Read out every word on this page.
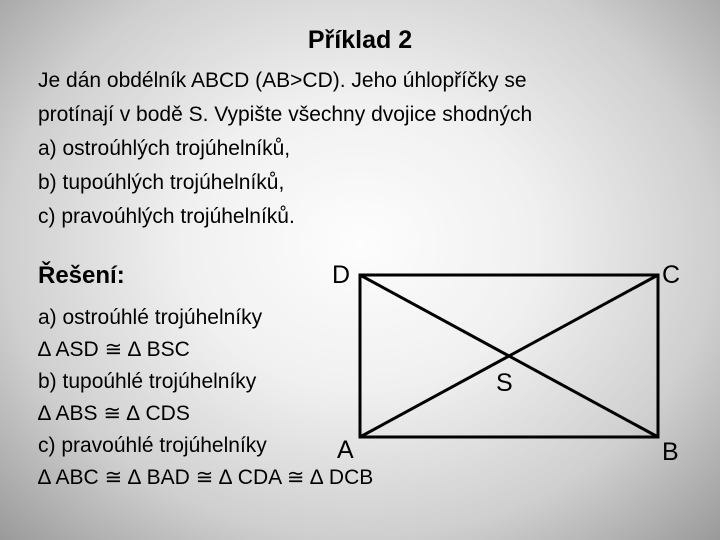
Příklad 2
Je dán obdélník ABCD (AB>CD). Jeho úhlopříčky se
protínají v bodě S. Vypište všechny dvojice shodných
a) ostroúhlých trojúhelníků,
b) tupoúhlých trojúhelníků,
c) pravoúhlých trojúhelníků.
Řešení:
a) ostroúhlé trojúhelníky
∆ ASD ≅ ∆ BSC
b) tupoúhlé trojúhelníky
∆ ABS ≅ ∆ CDS
c) pravoúhlé trojúhelníky
∆ ABC ≅ ∆ BAD ≅ ∆ CDA ≅ ∆ DCB
D	C
A	B
S
